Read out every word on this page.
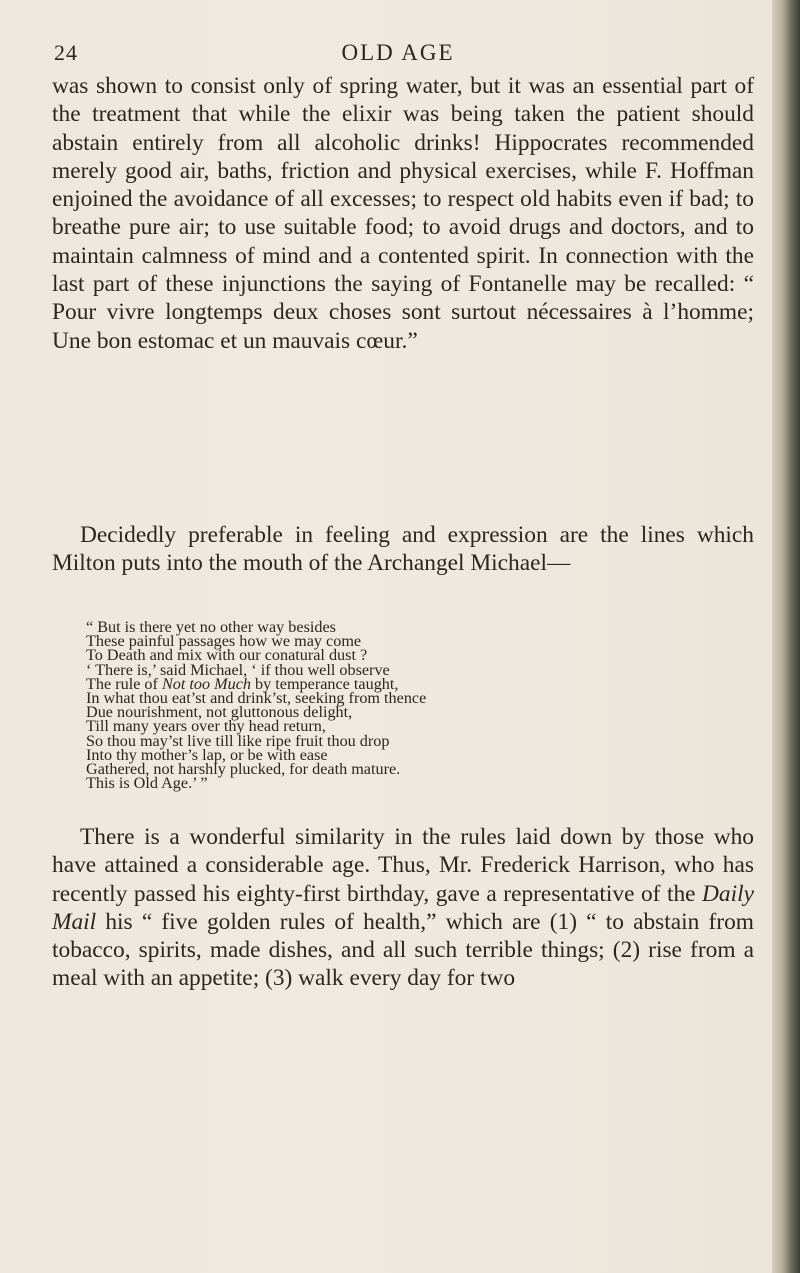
24	OLD AGE

was shown to consist only of spring water, but it was an essential part of the treatment that while the elixir was being taken the patient should abstain entirely from all alcoholic drinks! Hippocrates recommended merely good air, baths, friction and physical exercises, while F. Hoffman enjoined the avoidance of all excesses; to respect old habits even if bad; to breathe pure air; to use suitable food; to avoid drugs and doctors, and to maintain calmness of mind and a contented spirit. In connection with the last part of these injunctions the saying of Fontanelle may be recalled: “ Pour vivre longtemps deux choses sont surtout nécessaires à l’homme; Une bon estomac et un mauvais cœur.”

Decidedly preferable in feeling and expression are the lines which Milton puts into the mouth of the Archangel Michael—

“ But is there yet no other way besides
These painful passages how we may come
To Death and mix with our conatural dust ?
‘ There is,’ said Michael, ‘ if thou well observe
The rule of Not too Much by temperance taught,
In what thou eat’st and drink’st, seeking from thence
Due nourishment, not gluttonous delight,
Till many years over thy head return,
So thou may’st live till like ripe fruit thou drop
Into thy mother’s lap, or be with ease
Gathered, not harshly plucked, for death mature.
This is Old Age.’ ”

There is a wonderful similarity in the rules laid down by those who have attained a considerable age. Thus, Mr. Frederick Harrison, who has recently passed his eighty-first birthday, gave a representative of the Daily Mail his “ five golden rules of health,” which are (1) “ to abstain from tobacco, spirits, made dishes, and all such terrible things; (2) rise from a meal with an appetite; (3) walk every day for two
